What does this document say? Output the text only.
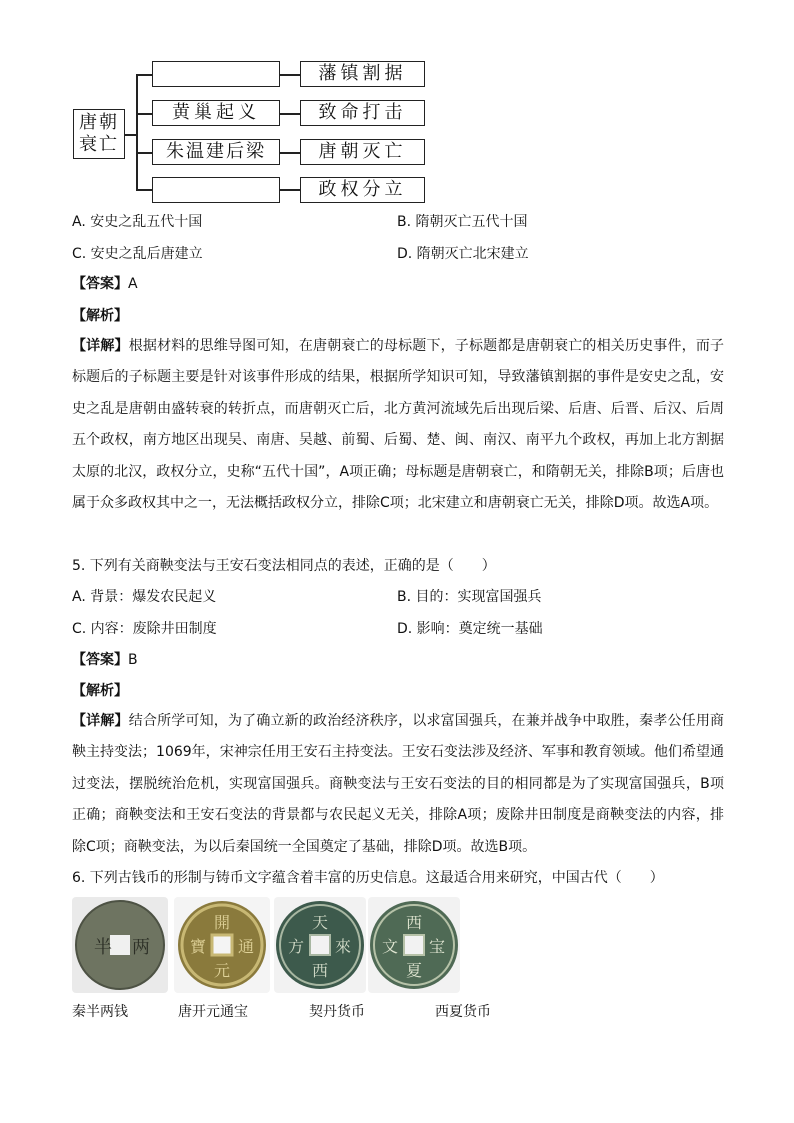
唐朝衰亡
黄巢起义
朱温建后梁
藩镇割据
致命打击
唐朝灭亡
政权分立
A. 安史之乱五代十国	B. 隋朝灭亡五代十国
C. 安史之乱后唐建立	D. 隋朝灭亡北宋建立
【答案】A
【解析】
【详解】根据材料的思维导图可知，在唐朝衰亡的母标题下，子标题都是唐朝衰亡的相关历史事件，而子标题后的子标题主要是针对该事件形成的结果，根据所学知识可知，导致藩镇割据的事件是安史之乱，安史之乱是唐朝由盛转衰的转折点，而唐朝灭亡后，北方黄河流域先后出现后梁、后唐、后晋、后汉、后周五个政权，南方地区出现吴、南唐、吴越、前蜀、后蜀、楚、闽、南汉、南平九个政权，再加上北方割据太原的北汉，政权分立，史称“五代十国”，A项正确；母标题是唐朝衰亡，和隋朝无关，排除B项；后唐也属于众多政权其中之一，无法概括政权分立，排除C项；北宋建立和唐朝衰亡无关，排除D项。故选A项。
5. 下列有关商鞅变法与王安石变法相同点的表述，正确的是（　　）
A. 背景：爆发农民起义	B. 目的：实现富国强兵
C. 内容：废除井田制度	D. 影响：奠定统一基础
【答案】B
【解析】
【详解】结合所学可知，为了确立新的政治经济秩序，以求富国强兵，在兼并战争中取胜，秦孝公任用商鞅主持变法；1069年，宋神宗任用王安石主持变法。王安石变法涉及经济、军事和教育领域。他们希望通过变法，摆脱统治危机，实现富国强兵。商鞅变法与王安石变法的目的相同都是为了实现富国强兵，B项正确；商鞅变法和王安石变法的背景都与农民起义无关，排除A项；废除井田制度是商鞅变法的内容，排除C项；商鞅变法，为以后秦国统一全国奠定了基础，排除D项。故选B项。
6. 下列古钱币的形制与铸币文字蕴含着丰富的历史信息。这最适合用来研究，中国古代（　　）
半 两
開
元
通
寶
天
西
方 來
西
夏
文 宝
秦半两钱	唐开元通宝	契丹货币	西夏货币
